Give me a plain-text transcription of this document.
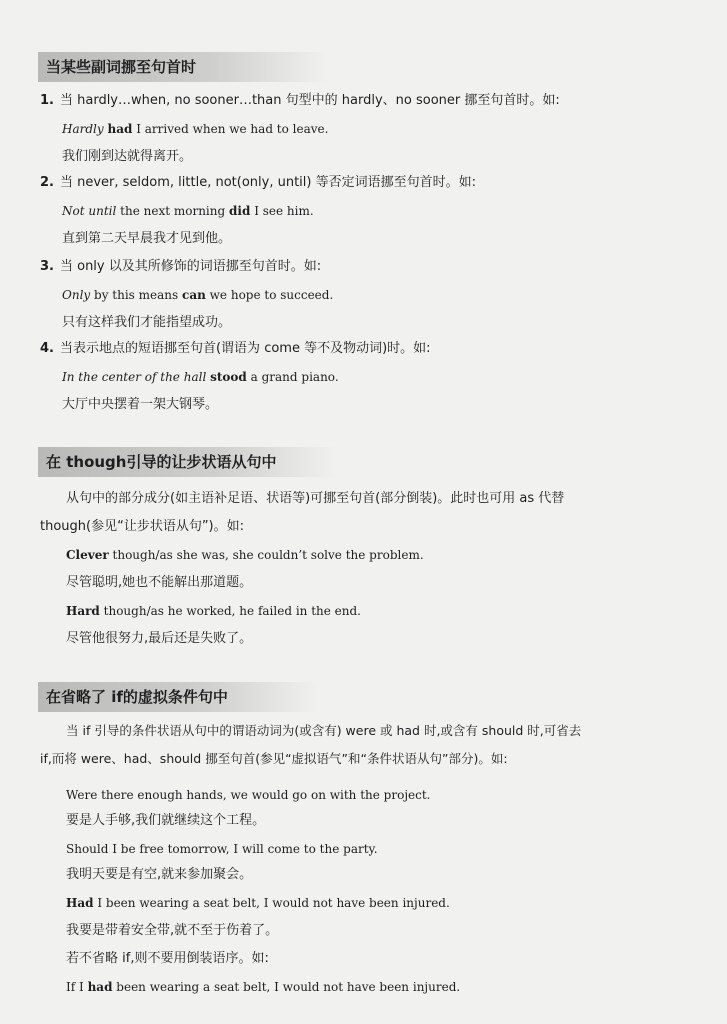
当某些副词挪至句首时
1. 当 hardly…when, no sooner…than 句型中的 hardly、no sooner 挪至句首时。如:
Hardly had I arrived when we had to leave.
我们刚到达就得离开。
2. 当 never, seldom, little, not(only, until) 等否定词语挪至句首时。如:
Not until the next morning did I see him.
直到第二天早晨我才见到他。
3. 当 only 以及其所修饰的词语挪至句首时。如:
Only by this means can we hope to succeed.
只有这样我们才能指望成功。
4. 当表示地点的短语挪至句首(谓语为 come 等不及物动词)时。如:
In the center of the hall stood a grand piano.
大厅中央摆着一架大钢琴。
在 though引导的让步状语从句中
从句中的部分成分(如主语补足语、状语等)可挪至句首(部分倒装)。此时也可用 as 代替
though(参见“让步状语从句”)。如:
Clever though/as she was, she couldn’t solve the problem.
尽管聪明,她也不能解出那道题。
Hard though/as he worked, he failed in the end.
尽管他很努力,最后还是失败了。
在省略了 if的虚拟条件句中
当 if 引导的条件状语从句中的谓语动词为(或含有) were 或 had 时,或含有 should 时,可省去
if,而将 were、had、should 挪至句首(参见“虚拟语气”和“条件状语从句”部分)。如:
Were there enough hands, we would go on with the project.
要是人手够,我们就继续这个工程。
Should I be free tomorrow, I will come to the party.
我明天要是有空,就来参加聚会。
Had I been wearing a seat belt, I would not have been injured.
我要是带着安全带,就不至于伤着了。
若不省略 if,则不要用倒装语序。如:
If I had been wearing a seat belt, I would not have been injured.
